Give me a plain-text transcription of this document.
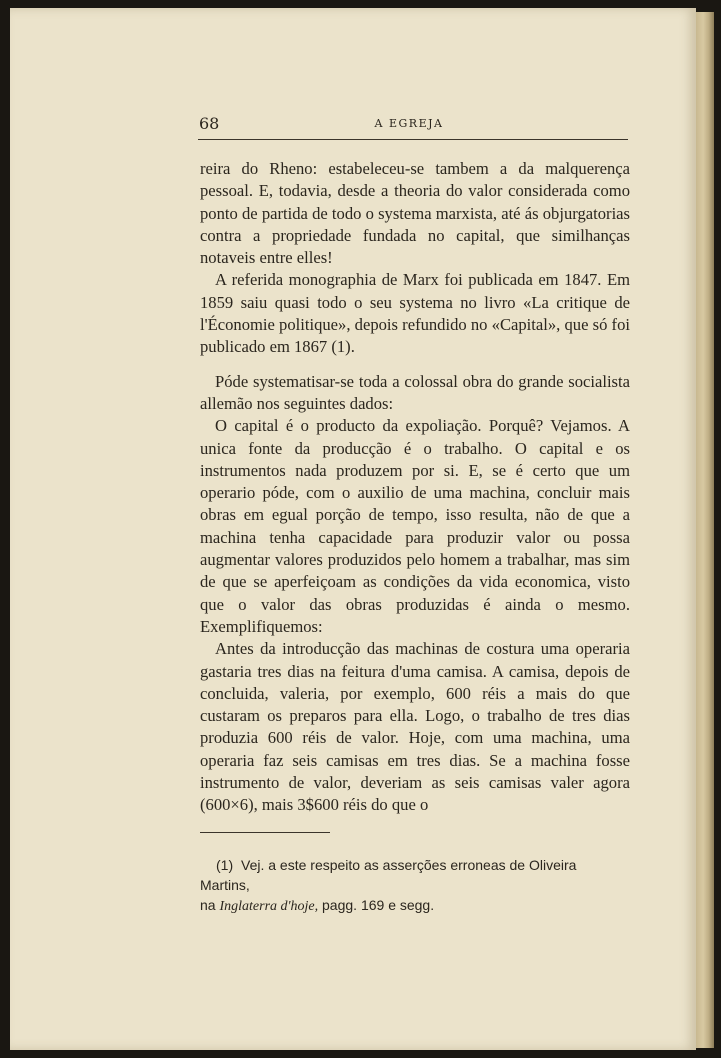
68	A EGREJA

reira do Rheno: estabeleceu-se tambem a da malquerença pessoal. E, todavia, desde a theoria do valor considerada como ponto de partida de todo o systema marxista, até ás objurgatorias contra a propriedade fundada no capital, que similhanças notaveis entre elles!

A referida monographia de Marx foi publicada em 1847. Em 1859 saiu quasi todo o seu systema no livro «La critique de l'Économie politique», depois refundido no «Capital», que só foi publicado em 1867 (1).

Póde systematisar-se toda a colossal obra do grande socialista allemão nos seguintes dados:

O capital é o producto da expoliação. Porquê? Vejamos. A unica fonte da producção é o trabalho. O capital e os instrumentos nada produzem por si. E, se é certo que um operario póde, com o auxilio de uma machina, concluir mais obras em egual porção de tempo, isso resulta, não de que a machina tenha capacidade para produzir valor ou possa augmentar valores produzidos pelo homem a trabalhar, mas sim de que se aperfeiçoam as condições da vida economica, visto que o valor das obras produzidas é ainda o mesmo. Exemplifiquemos:

Antes da introducção das machinas de costura uma operaria gastaria tres dias na feitura d'uma camisa. A camisa, depois de concluida, valeria, por exemplo, 600 réis a mais do que custaram os preparos para ella. Logo, o trabalho de tres dias produzia 600 réis de valor. Hoje, com uma machina, uma operaria faz seis camisas em tres dias. Se a machina fosse instrumento de valor, deveriam as seis camisas valer agora (600×6), mais 3$600 réis do que o

(1) Vej. a este respeito as asserções erroneas de Oliveira Martins,
na Inglaterra d'hoje, pagg. 169 e segg.
